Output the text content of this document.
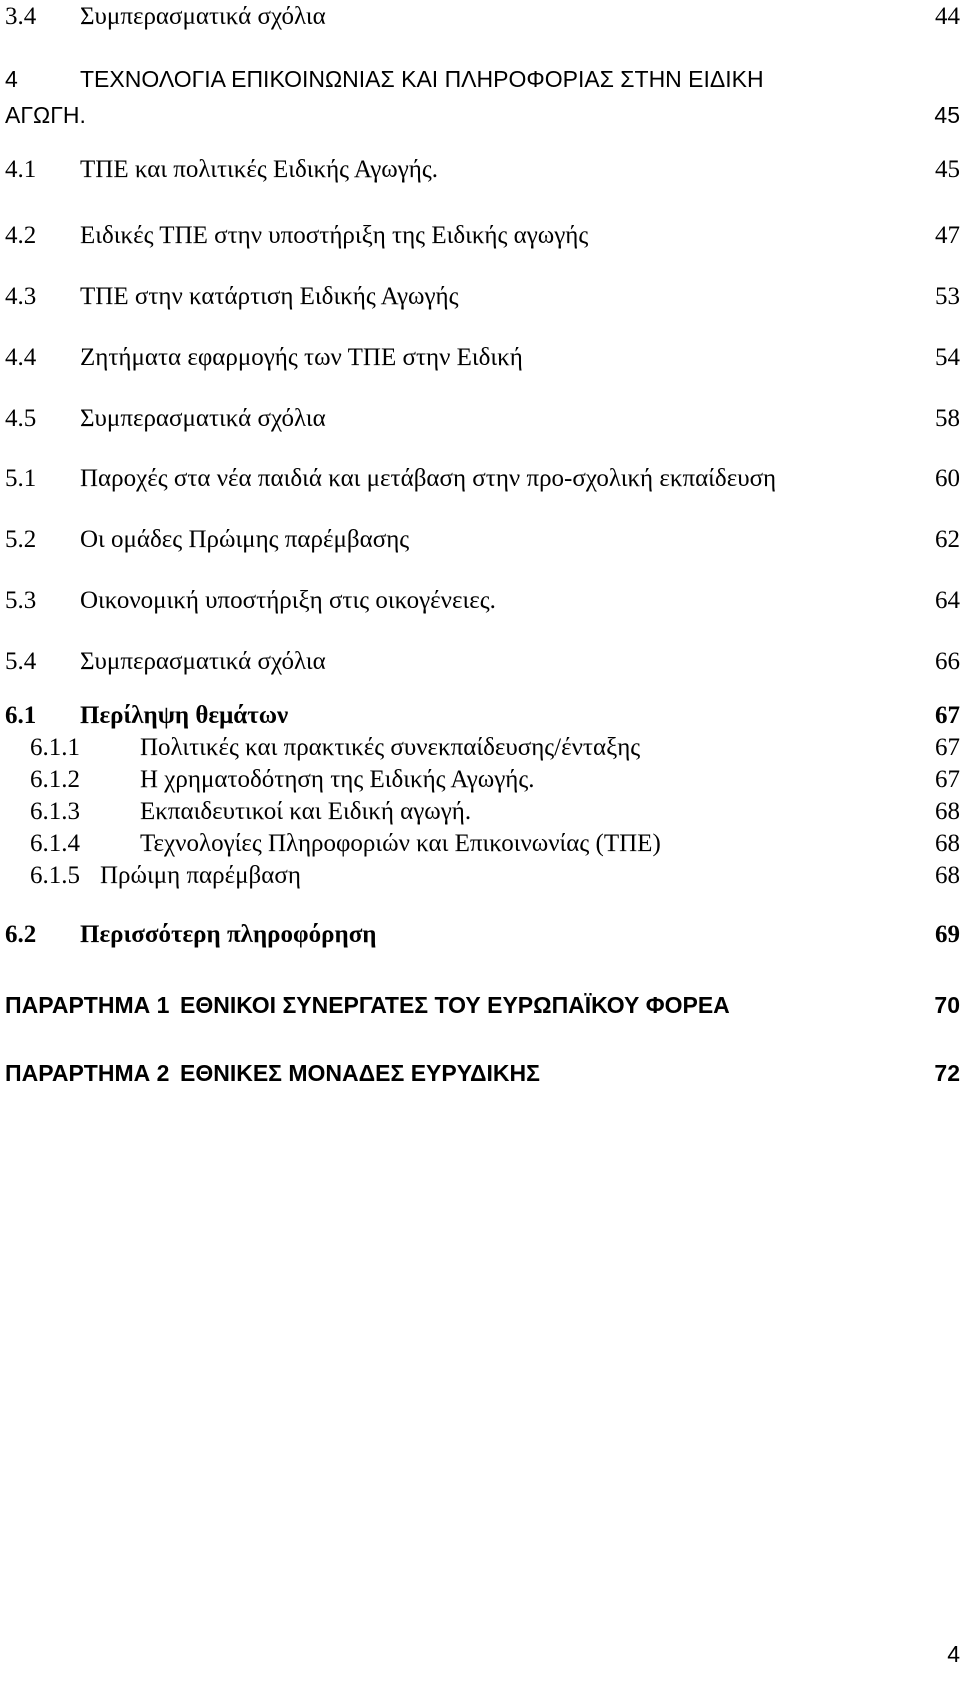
3.4 Συμπερασματικά σχόλια	44
4	ΤΕΧΝΟΛΟΓΙΑ ΕΠΙΚΟΙΝΩΝΙΑΣ ΚΑΙ ΠΛΗΡΟΦΟΡΙΑΣ ΣΤΗΝ ΕΙΔΙΚΗ
ΑΓΩΓΗ.	45
4.1 ΤΠΕ και πολιτικές Ειδικής Αγωγής.	45
4.2 Ειδικές ΤΠΕ στην υποστήριξη της Ειδικής αγωγής	47
4.3 ΤΠΕ στην κατάρτιση Ειδικής Αγωγής	53
4.4 Ζητήματα εφαρμογής των ΤΠΕ στην Ειδική	54
4.5 Συμπερασματικά σχόλια	58
5.1 Παροχές στα νέα παιδιά και μετάβαση στην προ-σχολική εκπαίδευση	60
5.2 Οι ομάδες Πρώιμης παρέμβασης	62
5.3 Οικονομική υποστήριξη στις οικογένειες.	64
5.4 Συμπερασματικά σχόλια	66
6.1 Περίληψη θεμάτων	67
6.1.1 Πολιτικές και πρακτικές συνεκπαίδευσης/ένταξης	67
6.1.2 Η χρηματοδότηση της Ειδικής Αγωγής.	67
6.1.3 Εκπαιδευτικοί και Ειδική αγωγή.	68
6.1.4 Τεχνολογίες Πληροφοριών και Επικοινωνίας (ΤΠΕ)	68
6.1.5 Πρώιμη παρέμβαση	68
6.2 Περισσότερη πληροφόρηση	69
ΠΑΡΑΡΤΗΜΑ 1 ΕΘΝΙΚΟΙ ΣΥΝΕΡΓΑΤΕΣ ΤΟΥ ΕΥΡΩΠΑΪΚΟΥ ΦΟΡΕΑ	70
ΠΑΡΑΡΤΗΜΑ 2 ΕΘΝΙΚΕΣ ΜΟΝΑΔΕΣ ΕΥΡΥΔΙΚΗΣ	72
4
